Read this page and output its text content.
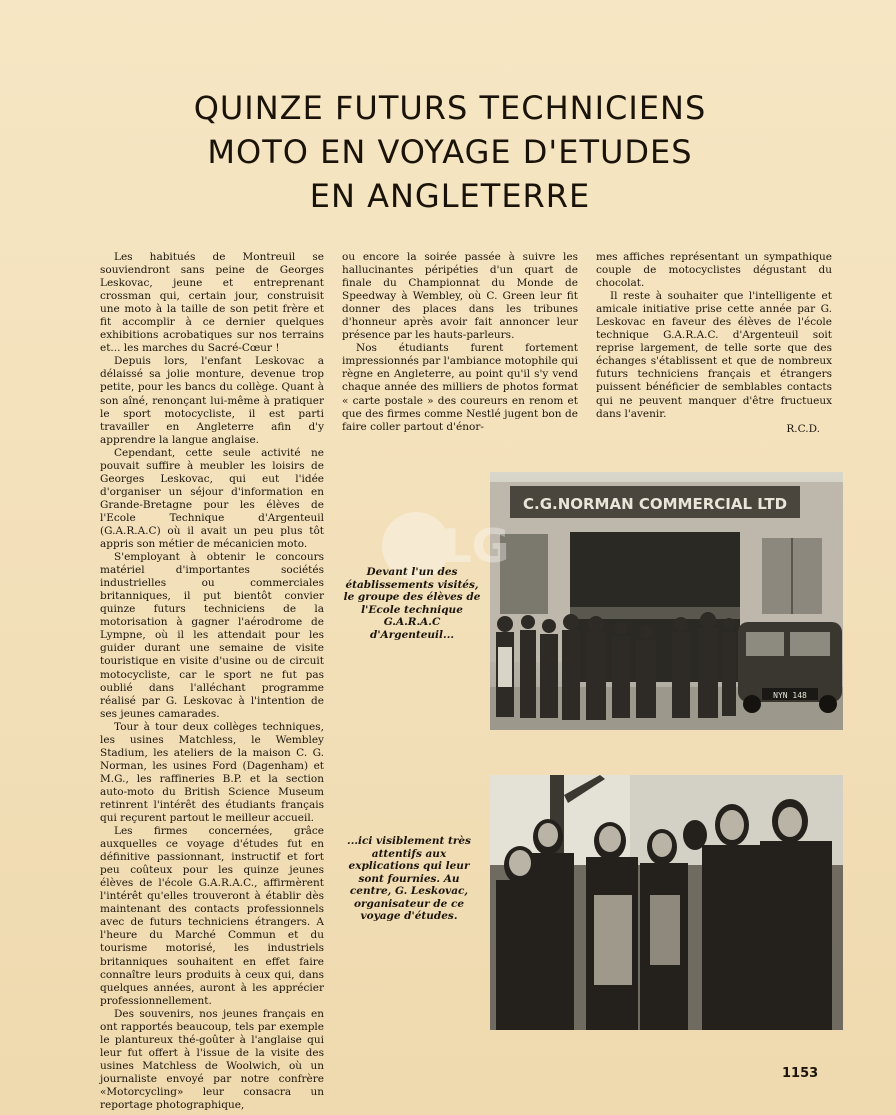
QUINZE FUTURS TECHNICIENS
MOTO EN VOYAGE D'ETUDES
EN ANGLETERRE

Les habitués de Montreuil se souviendront sans peine de Georges Leskovac, jeune et entreprenant crossman qui, certain jour, construisit une moto à la taille de son petit frère et fit accomplir à ce dernier quelques exhibitions acrobatiques sur nos terrains et... les marches du Sacré-Cœur !

Depuis lors, l'enfant Leskovac a délaissé sa jolie monture, devenue trop petite, pour les bancs du collège. Quant à son aîné, renonçant lui-même à pratiquer le sport motocycliste, il est parti travailler en Angleterre afin d'y apprendre la langue anglaise.

Cependant, cette seule activité ne pouvait suffire à meubler les loisirs de Georges Leskovac, qui eut l'idée d'organiser un séjour d'information en Grande-Bretagne pour les élèves de l'Ecole Technique d'Argenteuil (G.A.R.A.C) où il avait un peu plus tôt appris son métier de mécanicien moto.

S'employant à obtenir le concours matériel d'importantes sociétés industrielles ou commerciales britanniques, il put bientôt convier quinze futurs techniciens de la motorisation à gagner l'aérodrome de Lympne, où il les attendait pour les guider durant une semaine de visite touristique en visite d'usine ou de circuit motocycliste, car le sport ne fut pas oublié dans l'alléchant programme réalisé par G. Leskovac à l'intention de ses jeunes camarades.

Tour à tour deux collèges techniques, les usines Matchless, le Wembley Stadium, les ateliers de la maison C. G. Norman, les usines Ford (Dagenham) et M.G., les raffineries B.P. et la section auto-moto du British Science Museum retinrent l'intérêt des étudiants français qui reçurent partout le meilleur accueil.

Les firmes concernées, grâce auxquelles ce voyage d'études fut en définitive passionnant, instructif et fort peu coûteux pour les quinze jeunes élèves de l'école G.A.R.A.C., affirmèrent l'intérêt qu'elles trouveront à établir dès maintenant des contacts professionnels avec de futurs techniciens étrangers. A l'heure du Marché Commun et du tourisme motorisé, les industriels britanniques souhaitent en effet faire connaître leurs produits à ceux qui, dans quelques années, auront à les apprécier professionnellement.

Des souvenirs, nos jeunes français en ont rapportés beaucoup, tels par exemple le plantureux thé-goûter à l'anglaise qui leur fut offert à l'issue de la visite des usines Matchless de Woolwich, où un journaliste envoyé par notre confrère «Motorcycling» leur consacra un reportage photographique,

ou encore la soirée passée à suivre les hallucinantes péripéties d'un quart de finale du Championnat du Monde de Speedway à Wembley, où C. Green leur fit donner des places dans les tribunes d'honneur après avoir fait annoncer leur présence par les hauts-parleurs.

Nos étudiants furent fortement impressionnés par l'ambiance motophile qui règne en Angleterre, au point qu'il s'y vend chaque année des milliers de photos format « carte postale » des coureurs en renom et que des firmes comme Nestlé jugent bon de faire coller partout d'énor-

mes affiches représentant un sympathique couple de motocyclistes dégustant du chocolat.

Il reste à souhaiter que l'intelligente et amicale initiative prise cette année par G. Leskovac en faveur des élèves de l'école technique G.A.R.A.C. d'Argenteuil soit reprise largement, de telle sorte que des échanges s'établissent et que de nombreux futurs techniciens français et étrangers puissent bénéficier de semblables contacts qui ne peuvent manquer d'être fructueux dans l'avenir.

R.C.D.

C.G.NORMAN COMMERCIAL LTD
NYN 148
LG
Devant l'un des établissements visités, le groupe des élèves de l'Ecole technique G.A.R.A.C d'Argenteuil...
...ici visiblement très attentifs aux explications qui leur sont fournies. Au centre, G. Leskovac, organisateur de ce voyage d'études.
1153
